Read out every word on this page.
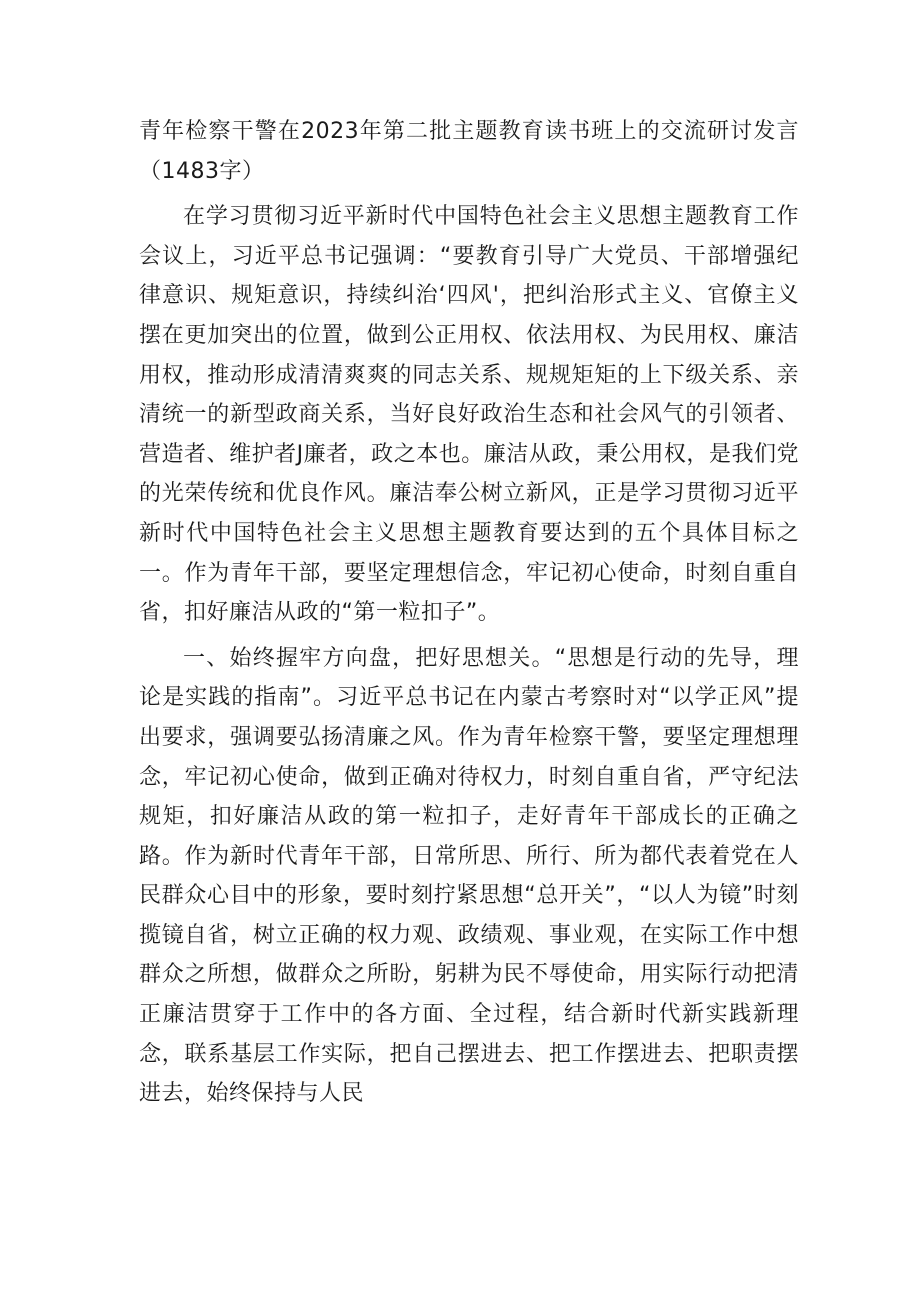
青年检察干警在2023年第二批主题教育读书班上的交流研讨发言（1483字）

在学习贯彻习近平新时代中国特色社会主义思想主题教育工作会议上，习近平总书记强调：“要教育引导广大党员、干部增强纪律意识、规矩意识，持续纠治‘四风'，把纠治形式主义、官僚主义摆在更加突出的位置，做到公正用权、依法用权、为民用权、廉洁用权，推动形成清清爽爽的同志关系、规规矩矩的上下级关系、亲清统一的新型政商关系，当好良好政治生态和社会风气的引领者、营造者、维护者J廉者，政之本也。廉洁从政，秉公用权，是我们党的光荣传统和优良作风。廉洁奉公树立新风，正是学习贯彻习近平新时代中国特色社会主义思想主题教育要达到的五个具体目标之一。作为青年干部，要坚定理想信念，牢记初心使命，时刻自重自省，扣好廉洁从政的“第一粒扣子”。

一、始终握牢方向盘，把好思想关。“思想是行动的先导，理论是实践的指南”。习近平总书记在内蒙古考察时对“以学正风”提出要求，强调要弘扬清廉之风。作为青年检察干警，要坚定理想理念，牢记初心使命，做到正确对待权力，时刻自重自省，严守纪法规矩，扣好廉洁从政的第一粒扣子，走好青年干部成长的正确之路。作为新时代青年干部，日常所思、所行、所为都代表着党在人民群众心目中的形象，要时刻拧紧思想“总开关”，“以人为镜”时刻揽镜自省，树立正确的权力观、政绩观、事业观，在实际工作中想群众之所想，做群众之所盼，躬耕为民不辱使命，用实际行动把清正廉洁贯穿于工作中的各方面、全过程，结合新时代新实践新理念，联系基层工作实际，把自己摆进去、把工作摆进去、把职责摆进去，始终保持与人民
